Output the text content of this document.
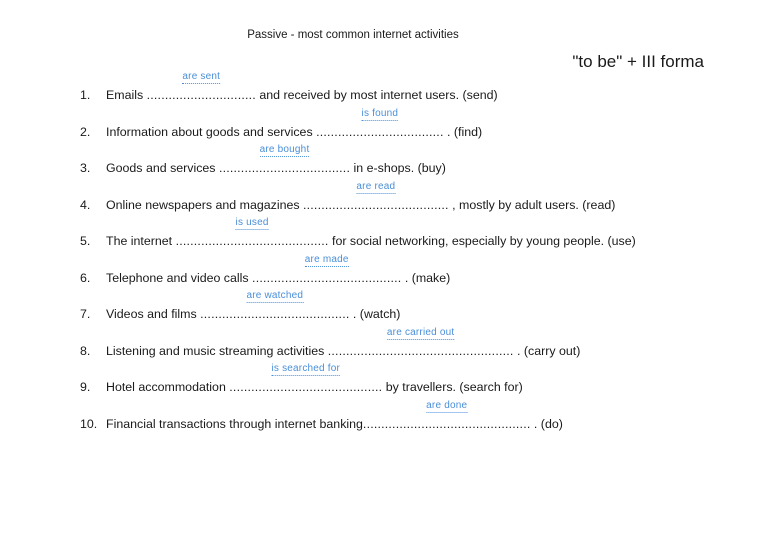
Passive - most common internet activities
"to be" + III forma
1. Emails ..............................
are sent
and received by most internet users. (send)
2. Information about goods and services ...................................
is found
. (find)
3. Goods and services ....................................
are bought
in e-shops. (buy)
4. Online newspapers and magazines ........................................
are read
, mostly by adult users. (read)
5. The internet ..........................................
is used
for social networking, especially by young people. (use)
6. Telephone and video calls .........................................
are made
. (make)
7. Videos and films .........................................
are watched
. (watch)
8. Listening and music streaming activities ...................................................
are carried out
. (carry out)
9. Hotel accommodation ..........................................
is searched for
by travellers. (search for)
10. Financial transactions through internet banking..............................................
are done
. (do)
